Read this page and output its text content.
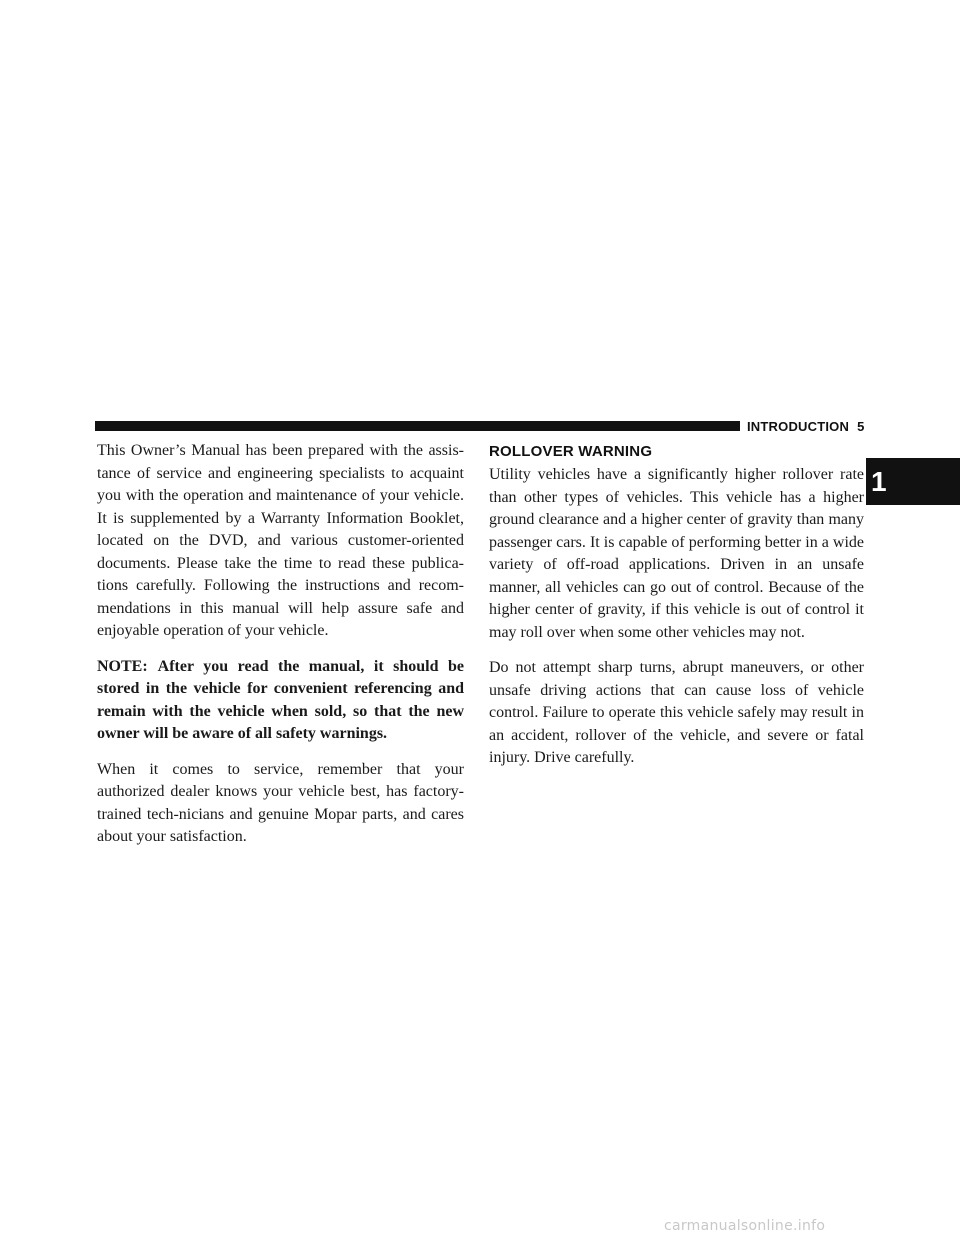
INTRODUCTION 5
1

This Owner’s Manual has been prepared with the assis-tance of service and engineering specialists to acquaint you with the operation and maintenance of your vehicle. It is supplemented by a Warranty Information Booklet, located on the DVD, and various customer-oriented documents. Please take the time to read these publica-tions carefully. Following the instructions and recom-mendations in this manual will help assure safe and enjoyable operation of your vehicle.

NOTE: After you read the manual, it should be stored in the vehicle for convenient referencing and remain with the vehicle when sold, so that the new owner will be aware of all safety warnings.

When it comes to service, remember that your authorized dealer knows your vehicle best, has factory-trained tech-nicians and genuine Mopar parts, and cares about your satisfaction.

ROLLOVER WARNING

Utility vehicles have a significantly higher rollover rate than other types of vehicles. This vehicle has a higher ground clearance and a higher center of gravity than many passenger cars. It is capable of performing better in a wide variety of off-road applications. Driven in an unsafe manner, all vehicles can go out of control. Because of the higher center of gravity, if this vehicle is out of control it may roll over when some other vehicles may not.

Do not attempt sharp turns, abrupt maneuvers, or other unsafe driving actions that can cause loss of vehicle control. Failure to operate this vehicle safely may result in an accident, rollover of the vehicle, and severe or fatal injury. Drive carefully.

carmanualsonline.info
